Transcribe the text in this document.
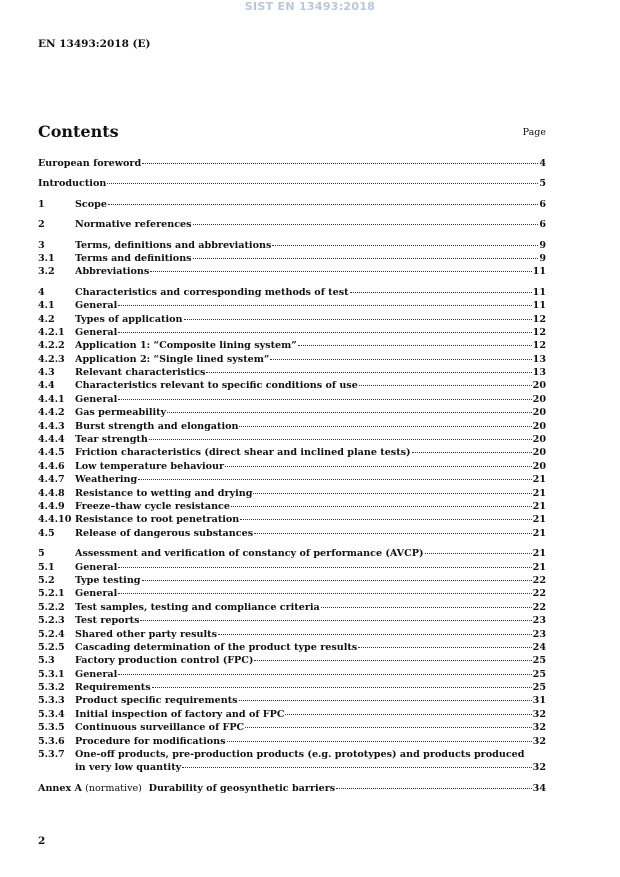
SIST EN 13493:2018
EN 13493:2018 (E)
Contents	Page
European foreword	4
Introduction	5
1	Scope	6
2	Normative references	6
3	Terms, definitions and abbreviations	9
3.1	Terms and definitions	9
3.2	Abbreviations	11
4	Characteristics and corresponding methods of test	11
4.1	General	11
4.2	Types of application	12
4.2.1	General	12
4.2.2	Application 1: “Composite lining system”	12
4.2.3	Application 2: “Single lined system”	13
4.3	Relevant characteristics	13
4.4	Characteristics relevant to specific conditions of use	20
4.4.1	General	20
4.4.2	Gas permeability	20
4.4.3	Burst strength and elongation	20
4.4.4	Tear strength	20
4.4.5	Friction characteristics (direct shear and inclined plane tests)	20
4.4.6	Low temperature behaviour	20
4.4.7	Weathering	21
4.4.8	Resistance to wetting and drying	21
4.4.9	Freeze–thaw cycle resistance	21
4.4.10 Resistance to root penetration	21
4.5	Release of dangerous substances	21
5	Assessment and verification of constancy of performance (AVCP)	21
5.1	General	21
5.2	Type testing	22
5.2.1	General	22
5.2.2	Test samples, testing and compliance criteria	22
5.2.3	Test reports	23
5.2.4	Shared other party results	23
5.2.5	Cascading determination of the product type results	24
5.3	Factory production control (FPC)	25
5.3.1	General	25
5.3.2	Requirements	25
5.3.3	Product specific requirements	31
5.3.4	Initial inspection of factory and of FPC	32
5.3.5	Continuous surveillance of FPC	32
5.3.6	Procedure for modifications	32
5.3.7	One-off products, pre-production products (e.g. prototypes) and products produced
in very low quantity	32
Annex A (normative) Durability of geosynthetic barriers	34
2
